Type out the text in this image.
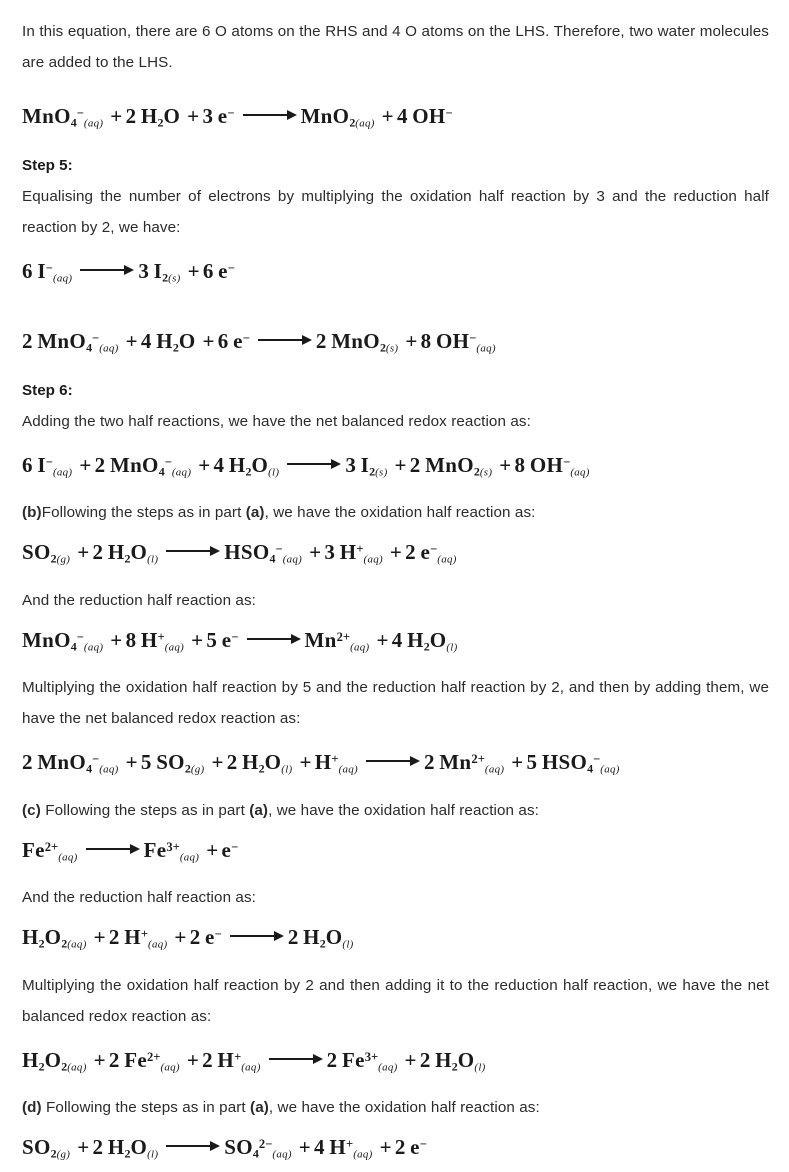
In this equation, there are 6 O atoms on the RHS and 4 O atoms on the LHS. Therefore, two water molecules are added to the LHS.

MnO$_4$−(aq) + 2 $H_2O + 3$ e−	MnO$_2$(aq) + 4 OH−

Step 5:

Equalising the number of electrons by multiplying the oxidation half reaction by 3 and the reduction half reaction by 2, we have:

6 I−(aq)	3 $I_2(s) + 6$ e−
2 MnO$_4$−(aq) + 4 $H_2O + 6$ e−	2 MnO$_2$(s) + 8 OH−(aq)

Step 6:

Adding the two half reactions, we have the net balanced redox reaction as:

6 I−(aq) + 2 MnO$_4$−(aq) + 4 $H_2O(l)$	3 $I_2(s) + 2$ MnO$_2$(s) + 8 OH−(aq)

(b)Following the steps as in part (a), we have the oxidation half reaction as:

$SO_2(g) + 2$ $H_2O(l)$	$HSO_4^-(aq) + 3$ H+(aq) + 2 e−(aq)

And the reduction half reaction as:

MnO$_4$−(aq) + 8 H+(aq) + 5 e−	$Mn^{2+}(aq) + 4$ $H_2O(l)$

Multiplying the oxidation half reaction by 5 and the reduction half reaction by 2, and then by adding them, we have the net balanced redox reaction as:

2 MnO$_4$−(aq) + 5 $SO_2(g) + 2$ $H_2O(l) + H^+(aq)$	2 $Mn^{2+}(aq) + 5$ $HSO_4^-(aq)$

(c) Following the steps as in part (a), we have the oxidation half reaction as:

$Fe^{2+}(aq)$	$Fe^{3+}(aq) + e^-$

And the reduction half reaction as:

$H_2O_2(aq) + 2$ H+(aq) + 2 e−	2 $H_2O(l)$

Multiplying the oxidation half reaction by 2 and then adding it to the reduction half reaction, we have the net balanced redox reaction as:

$H_2O_2(aq) + 2$ $Fe^{2+}(aq) + 2$ H+(aq)	2 $Fe^{3+}(aq) + 2$ $H_2O(l)$

(d) Following the steps as in part (a), we have the oxidation half reaction as:

$SO_2(g) + 2$ $H_2O(l)$	$SO_4^{2-}(aq) + 4$ H+(aq) + 2 e−
